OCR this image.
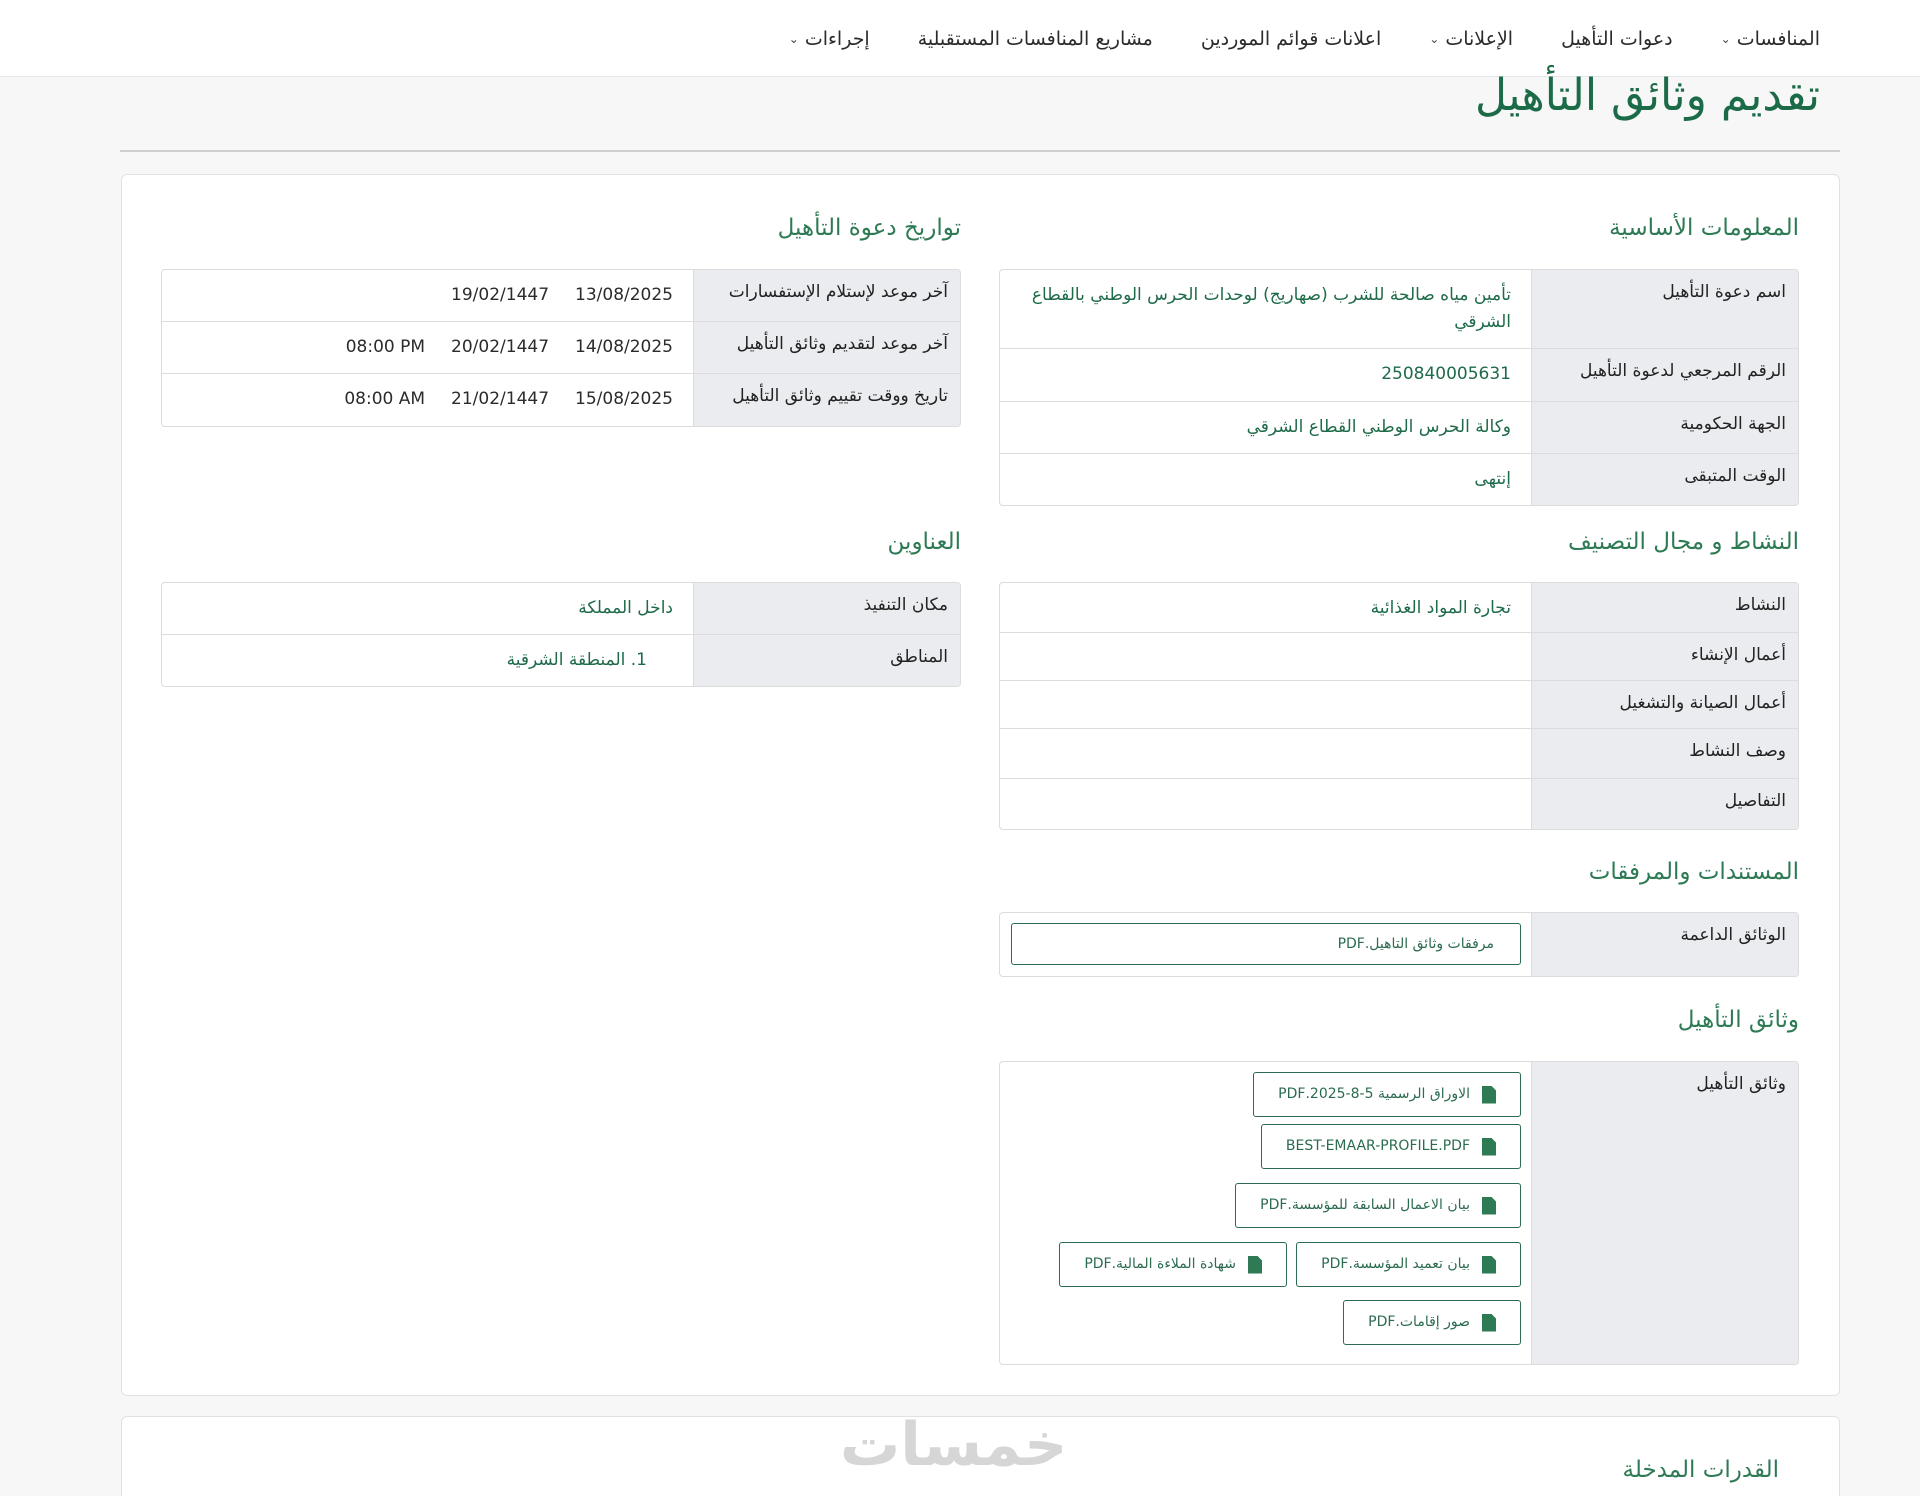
المنافسات
⌄
دعوات التأهيل
الإعلانات
⌄
اعلانات قوائم الموردين
مشاريع المنافسات المستقبلية
إجراءات
⌄
تقديم وثائق التأهيل
المعلومات الأساسية
اسم دعوة التأهيل
تأمين مياه صالحة للشرب (صهاريج) لوحدات الحرس الوطني بالقطاع الشرقي
الرقم المرجعي لدعوة التأهيل
250840005631
الجهة الحكومية
وكالة الحرس الوطني القطاع الشرقي
الوقت المتبقى
إنتهى
تواريخ دعوة التأهيل
آخر موعد لإستلام الإستفسارات
13/08/2025
19/02/1447
آخر موعد لتقديم وثائق التأهيل
14/08/2025
20/02/1447
08:00 PM
تاريخ ووقت تقييم وثائق التأهيل
15/08/2025
21/02/1447
08:00 AM
النشاط و مجال التصنيف
النشاط
تجارة المواد الغذائية
أعمال الإنشاء
أعمال الصيانة والتشغيل
وصف النشاط
التفاصيل
العناوين
مكان التنفيذ
داخل المملكة
المناطق
1. المنطقة الشرقية
المستندات والمرفقات
الوثائق الداعمة
مرفقات وثائق التاهيل.PDF
وثائق التأهيل
وثائق التأهيل
الاوراق الرسمية 5-8-2025.PDF
BEST-EMAAR-PROFILE.PDF
بيان الاعمال السابقة للمؤسسة.PDF
بيان تعميد المؤسسة.PDF
شهادة الملاءة المالية.PDF
صور إقامات.PDF
القدرات المدخلة
خمسات
